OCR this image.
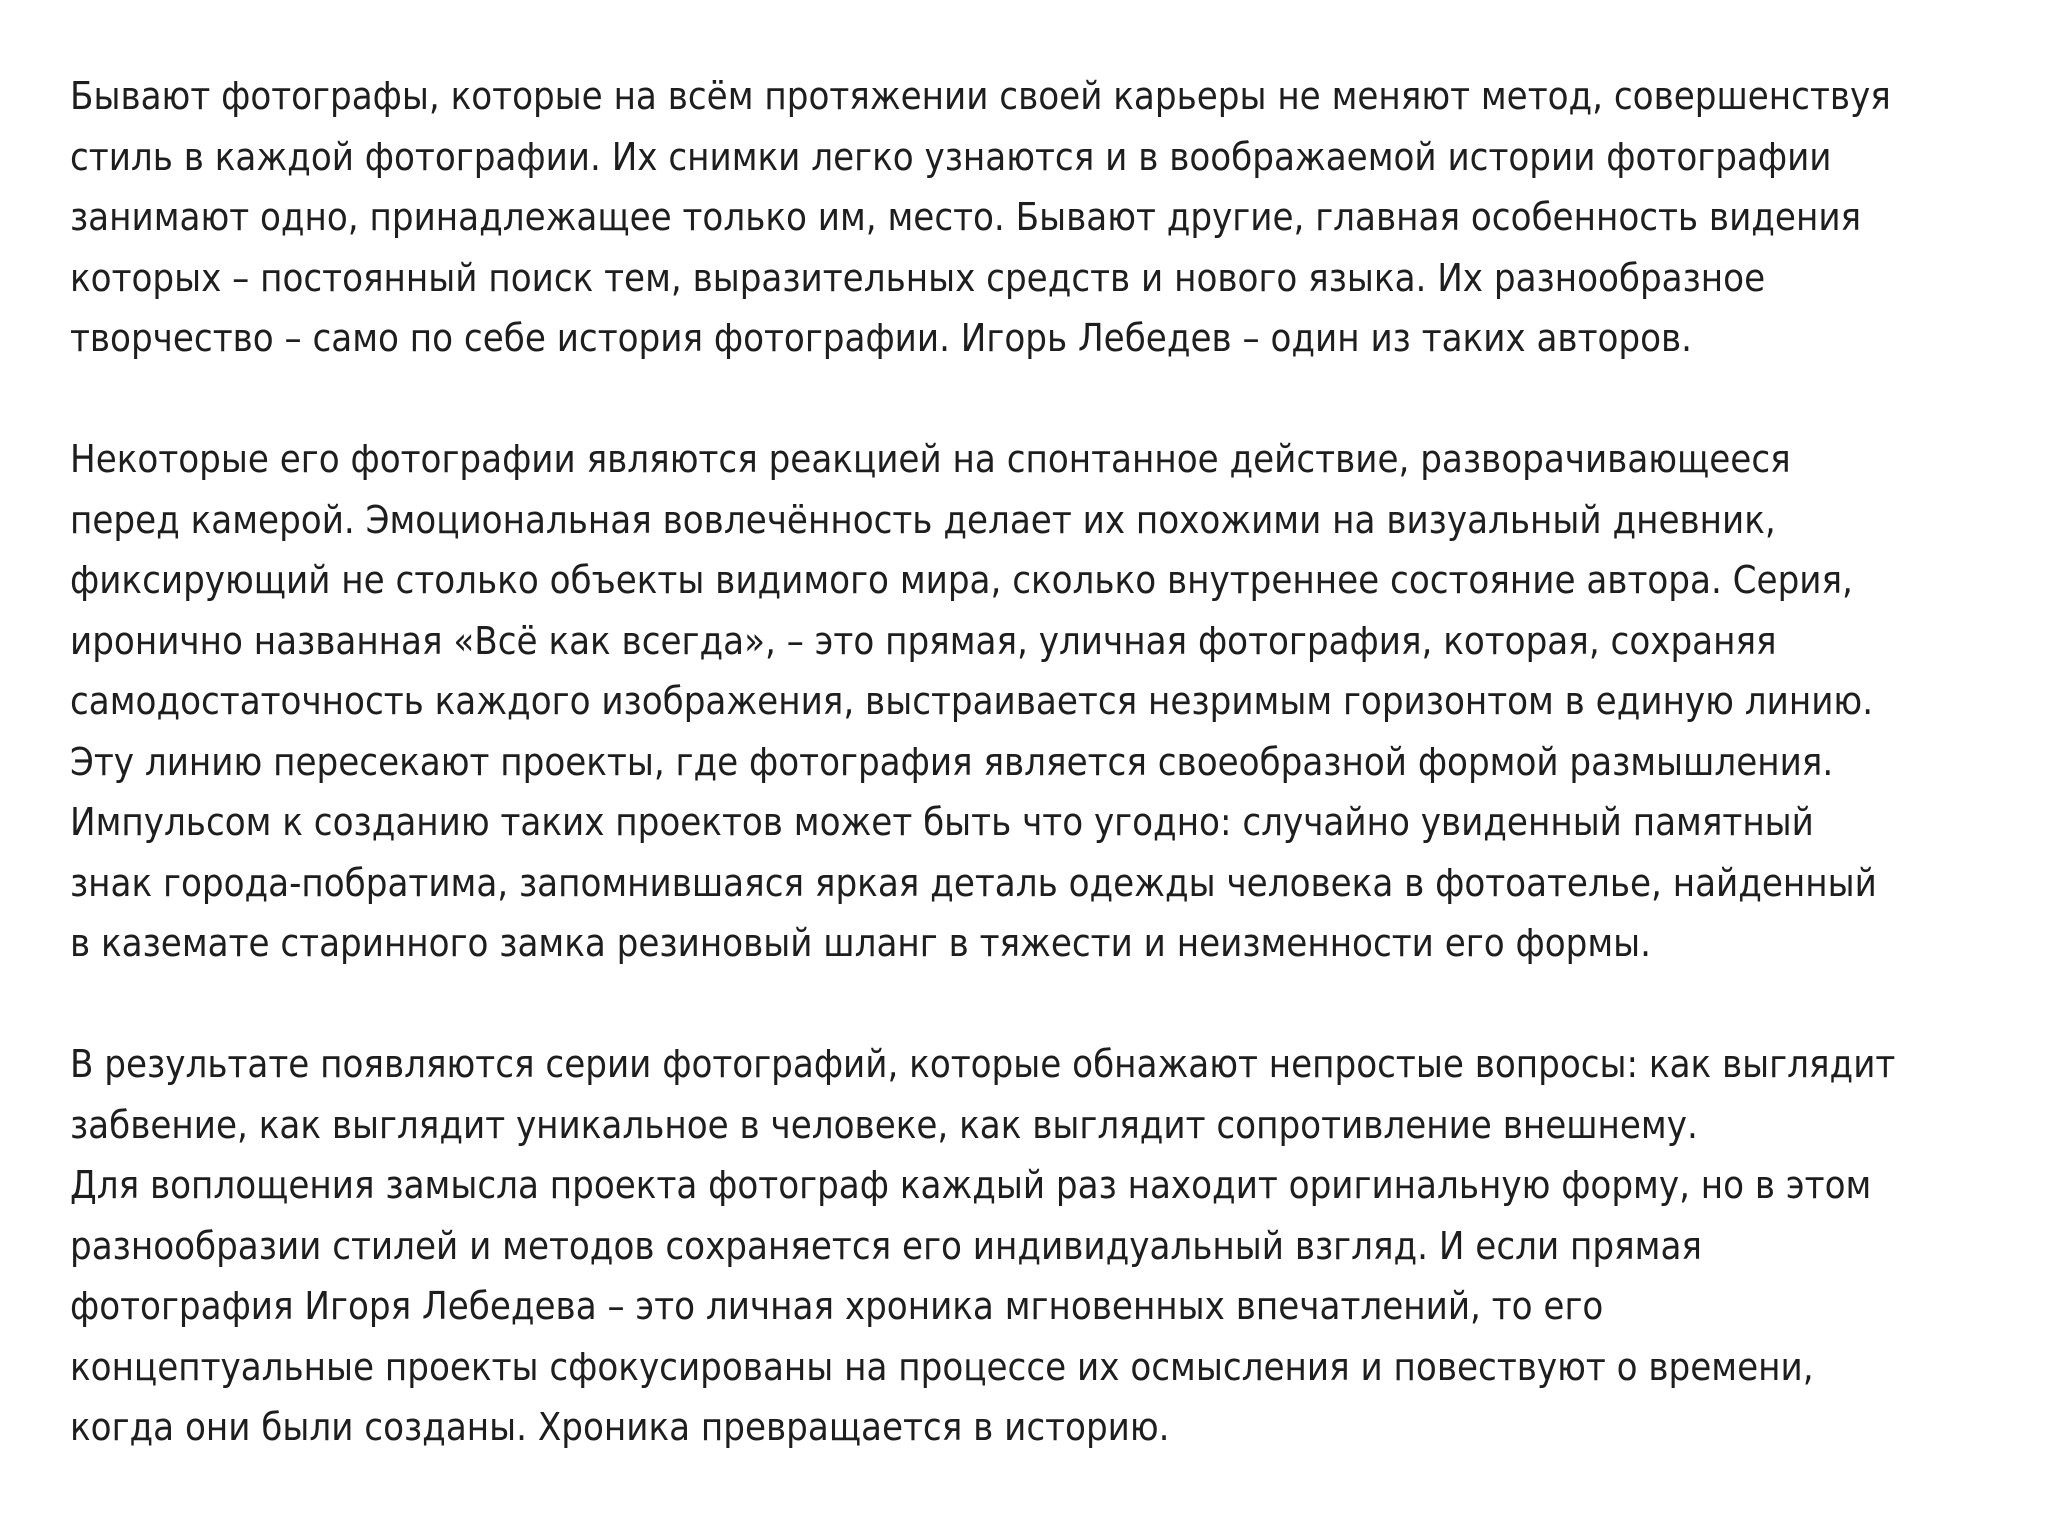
Бывают фотографы, которые на всём протяжении своей карьеры не меняют метод, совершенствуя
стиль в каждой фотографии. Их снимки легко узнаются и в воображаемой истории фотографии
занимают одно, принадлежащее только им, место. Бывают другие, главная особенность видения
которых – постоянный поиск тем, выразительных средств и нового языка. Их разнообразное
творчество – само по себе история фотографии. Игорь Лебедев – один из таких авторов.
Некоторые его фотографии являются реакцией на спонтанное действие, разворачивающееся
перед камерой. Эмоциональная вовлечённость делает их похожими на визуальный дневник,
фиксирующий не столько объекты видимого мира, сколько внутреннее состояние автора. Серия,
иронично названная «Всё как всегда», – это прямая, уличная фотография, которая, сохраняя
самодостаточность каждого изображения, выстраивается незримым горизонтом в единую линию.
Эту линию пересекают проекты, где фотография является своеобразной формой размышления.
Импульсом к созданию таких проектов может быть что угодно: случайно увиденный памятный
знак города-побратима, запомнившаяся яркая деталь одежды человека в фотоателье, найденный
в каземате старинного замка резиновый шланг в тяжести и неизменности его формы.
В результате появляются серии фотографий, которые обнажают непростые вопросы: как выглядит
забвение, как выглядит уникальное в человеке, как выглядит сопротивление внешнему.
Для воплощения замысла проекта фотограф каждый раз находит оригинальную форму, но в этом
разнообразии стилей и методов сохраняется его индивидуальный взгляд. И если прямая
фотография Игоря Лебедева – это личная хроника мгновенных впечатлений, то его
концептуальные проекты сфокусированы на процессе их осмысления и повествуют о времени,
когда они были созданы. Хроника превращается в историю.
